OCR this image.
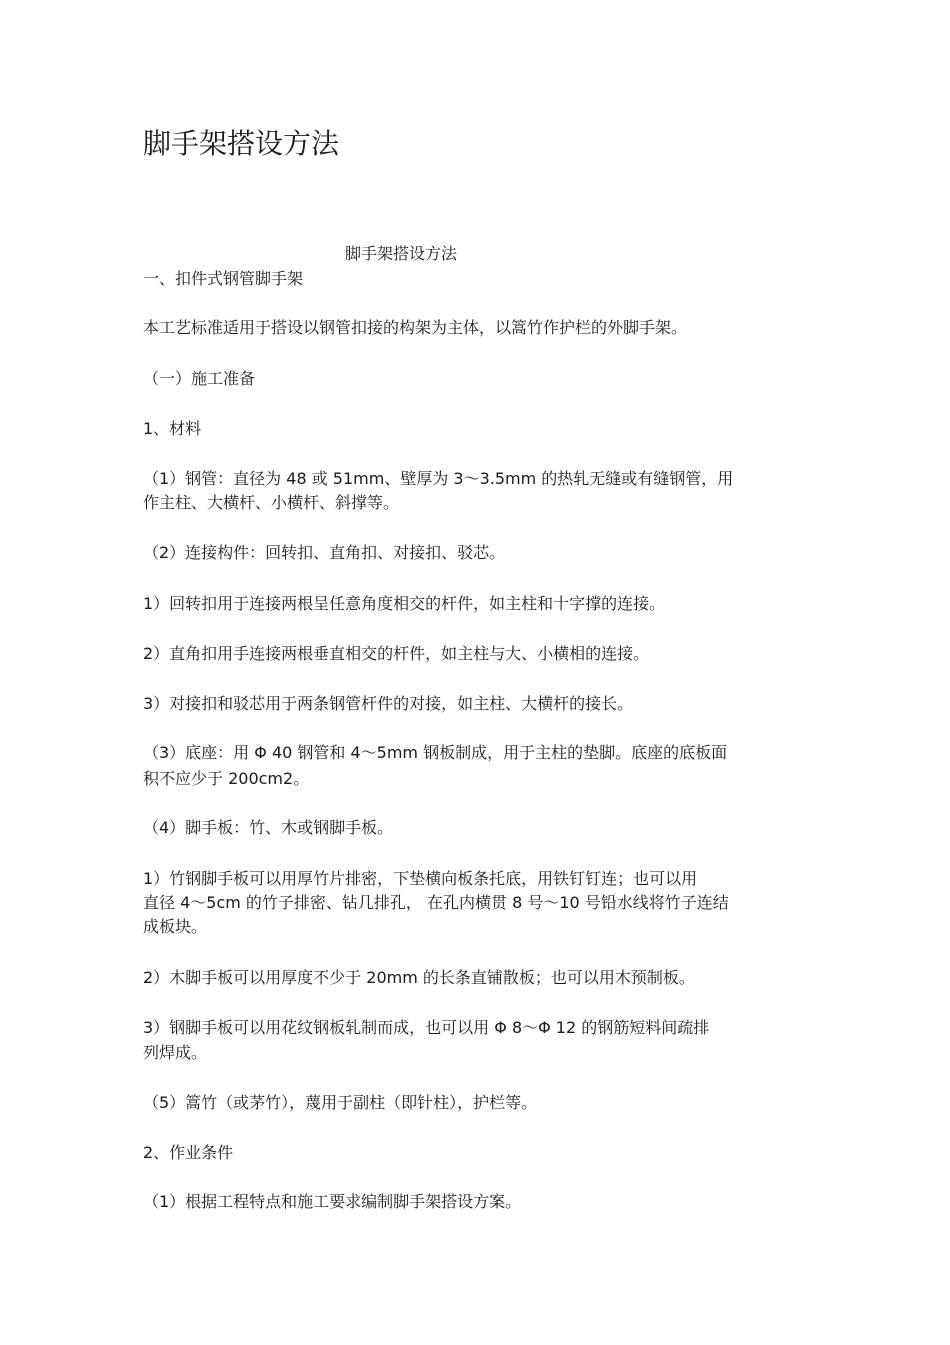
脚手架搭设方法
脚手架搭设方法
一、扣件式钢管脚手架
本工艺标准适用于搭设以钢管扣接的构架为主体，以篙竹作护栏的外脚手架。
（一）施工准备
1、材料
（1）钢管：直径为 48 或 51mm、壁厚为 3～3.5mm 的热轧无缝或有缝钢管，用
作主柱、大横杆、小横杆、斜撑等。
（2）连接构件：回转扣、直角扣、对接扣、驳芯。
1）回转扣用于连接两根呈任意角度相交的杆件，如主柱和十字撑的连接。
2）直角扣用手连接两根垂直相交的杆件，如主柱与大、小横相的连接。
3）对接扣和驳芯用于两条钢管杆件的对接，如主柱、大横杆的接长。
（3）底座：用 Φ 40 钢管和 4～5mm 钢板制成，用于主柱的垫脚。底座的底板面
积不应少于 200cm2。
（4）脚手板：竹、木或钢脚手板。
1）竹钢脚手板可以用厚竹片排密，下垫横向板条托底，用铁钉钉连；也可以用
直径 4～5cm 的竹子排密、钻几排孔， 在孔内横贯 8 号～10 号铅水线将竹子连结
成板块。
2）木脚手板可以用厚度不少于 20mm 的长条直铺散板；也可以用木预制板。
3）钢脚手板可以用花纹钢板轧制而成，也可以用 Φ 8～Φ 12 的钢筋短料间疏排
列焊成。
（5）篙竹（或茅竹），蔑用于副柱（即针柱），护栏等。
2、作业条件
（1）根据工程特点和施工要求编制脚手架搭设方案。
